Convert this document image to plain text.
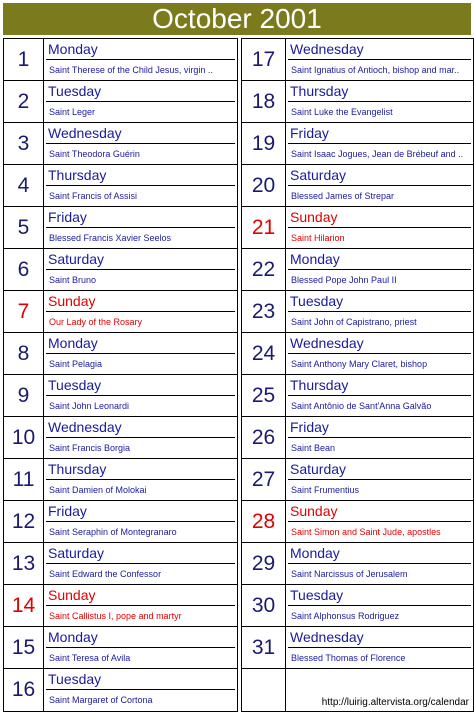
October 2001
1	Monday
Saint Therese of the Child Jesus, virgin ..
2	Tuesday
Saint Leger
3	Wednesday
Saint Theodora Guérin
4	Thursday
Saint Francis of Assisi
5	Friday
Blessed Francis Xavier Seelos
6	Saturday
Saint Bruno
7	Sunday
Our Lady of the Rosary
8	Monday
Saint Pelagia
9	Tuesday
Saint John Leonardi
10 Wednesday
Saint Francis Borgia
11 Thursday
Saint Damien of Molokai
12 Friday
Saint Seraphin of Montegranaro
13 Saturday
Saint Edward the Confessor
14 Sunday
Saint Callistus I, pope and martyr
15 Monday
Saint Teresa of Avila
16 Tuesday
Saint Margaret of Cortona
17	Wednesday
Saint Ignatius of Antioch, bishop and mar..
18	Thursday
Saint Luke the Evangelist
19	Friday
Saint Isaac Jogues, Jean de Brébeuf and ..
20	Saturday
Blessed James of Strepar
21	Sunday
Saint Hilarion
22	Monday
Blessed Pope John Paul II
23	Tuesday
Saint John of Capistrano, priest
24	Wednesday
Saint Anthony Mary Claret, bishop
25	Thursday
Saint Antônio de Sant'Anna Galvão
26	Friday
Saint Bean
27	Saturday
Saint Frumentius
28	Sunday
Saint Simon and Saint Jude, apostles
29	Monday
Saint Narcissus of Jerusalem
30	Tuesday
Saint Alphonsus Rodriguez
31	Wednesday
Blessed Thomas of Florence
http://luirig.altervista.org/calendar
